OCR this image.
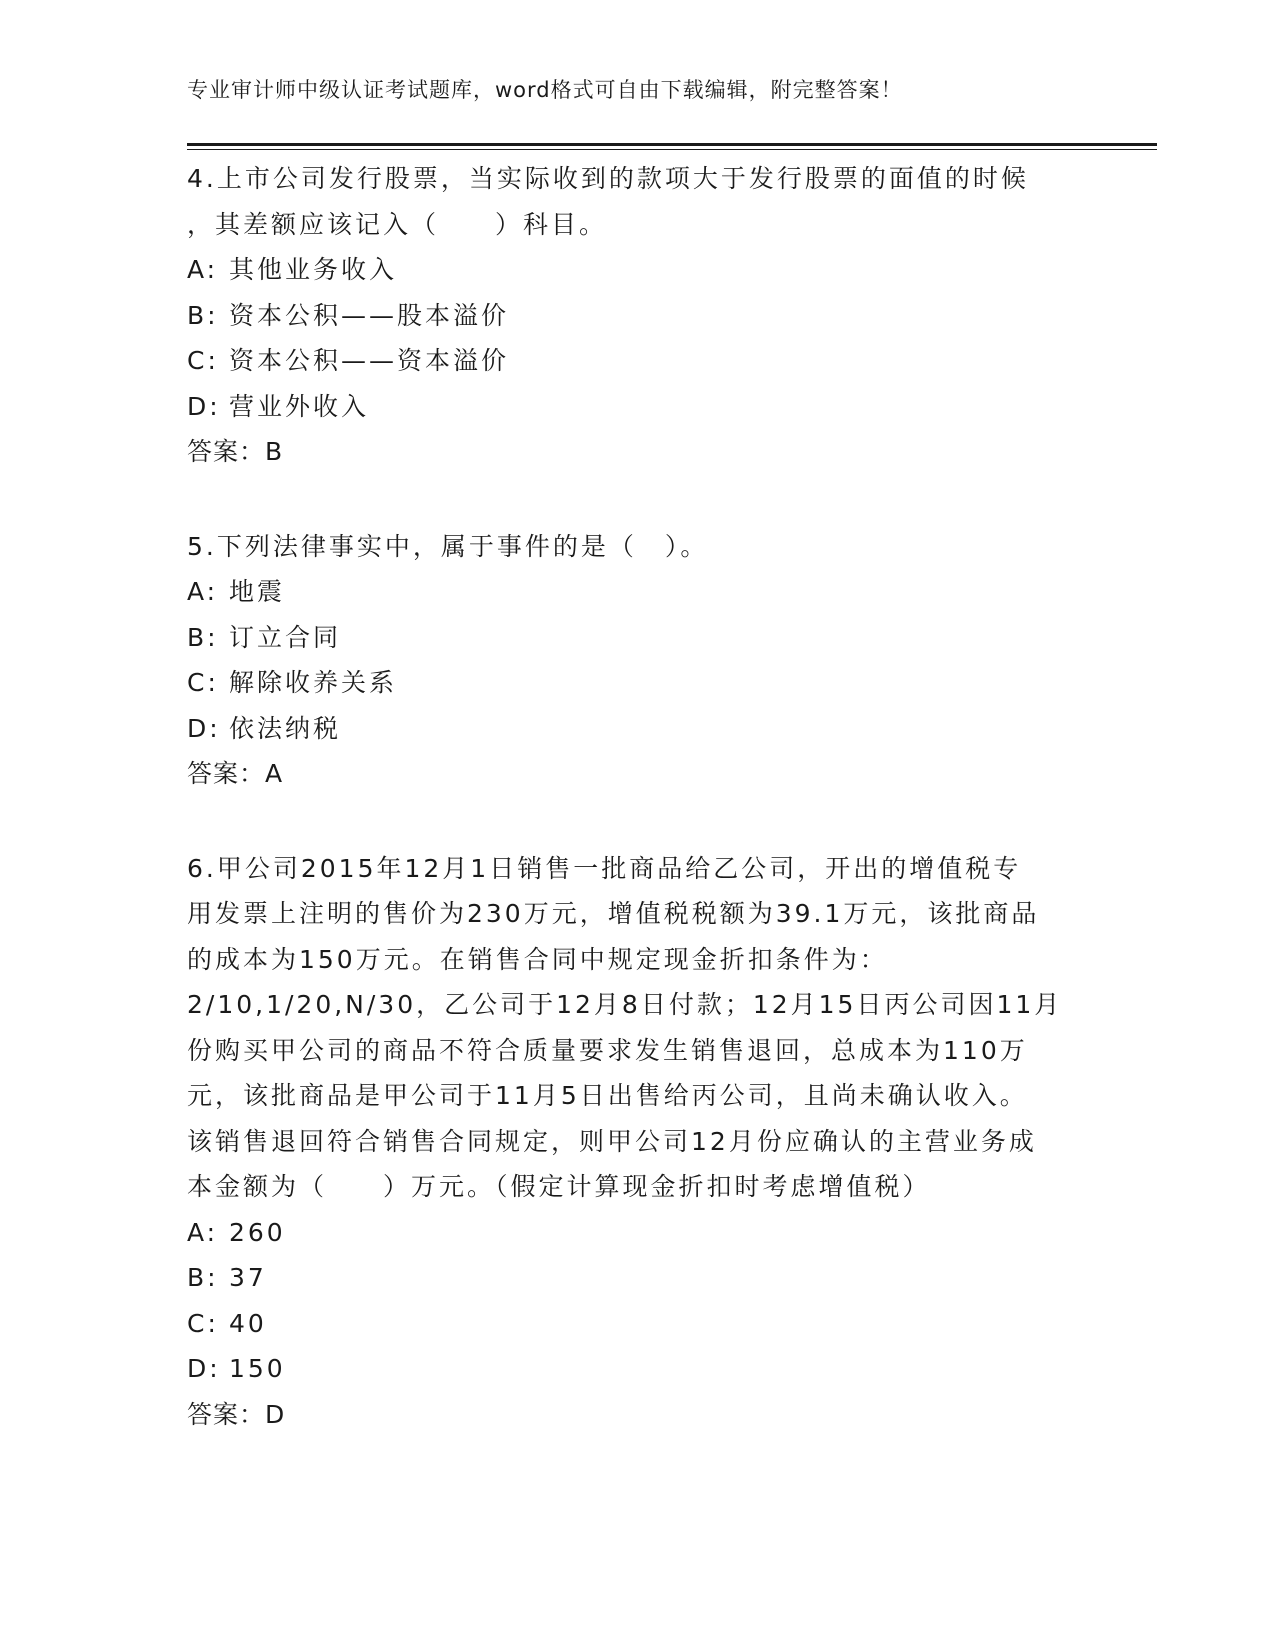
专业审计师中级认证考试题库，word格式可自由下载编辑，附完整答案！
4.上市公司发行股票，当实际收到的款项大于发行股票的面值的时候
，其差额应该记入（　　）科目。
A: 其他业务收入
B: 资本公积——股本溢价
C: 资本公积——资本溢价
D: 营业外收入
答案：B
5.下列法律事实中，属于事件的是（　）。
A: 地震
B: 订立合同
C: 解除收养关系
D: 依法纳税
答案：A
6.甲公司2015年12月1日销售一批商品给乙公司，开出的增值税专
用发票上注明的售价为230万元，增值税税额为39.1万元，该批商品
的成本为150万元。在销售合同中规定现金折扣条件为：
2/10,1/20,N/30，乙公司于12月8日付款；12月15日丙公司因11月
份购买甲公司的商品不符合质量要求发生销售退回，总成本为110万
元，该批商品是甲公司于11月5日出售给丙公司，且尚未确认收入。
该销售退回符合销售合同规定，则甲公司12月份应确认的主营业务成
本金额为（　　）万元。（假定计算现金折扣时考虑增值税）
A: 260
B: 37
C: 40
D: 150
答案：D
